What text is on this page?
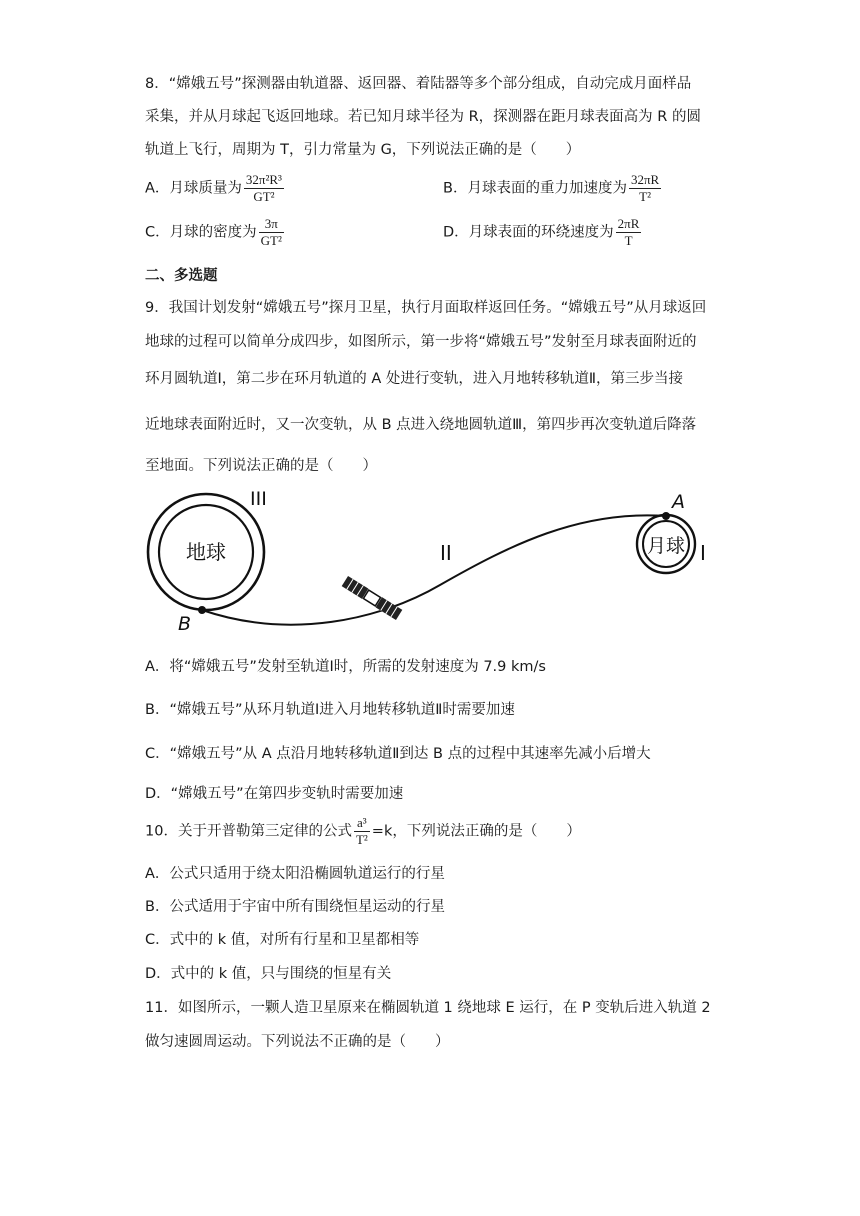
8．“嫦娥五号”探测器由轨道器、返回器、着陆器等多个部分组成，自动完成月面样品
采集，并从月球起飞返回地球。若已知月球半径为 R，探测器在距月球表面高为 R 的圆
轨道上飞行，周期为 T，引力常量为 G，下列说法正确的是（　　）
A．月球质量为 $\frac{\text{32π²R³}}{\text{GT²}}$	B．月球表面的重力加速度为 $\frac{32\pi R}{\text{T²}}$
C．月球的密度为 $\frac{3\pi}{\text{GT²}}$	D．月球表面的环绕速度为 $\frac{2\pi R}{T}$
二、多选题
9．我国计划发射“嫦娥五号”探月卫星，执行月面取样返回任务。“嫦娥五号”从月球返回
地球的过程可以简单分成四步，如图所示，第一步将“嫦娥五号”发射至月球表面附近的
环月圆轨道Ⅰ，第二步在环月轨道的 A 处进行变轨，进入月地转移轨道Ⅱ，第三步当接
近地球表面附近时，又一次变轨，从 B 点进入绕地圆轨道Ⅲ，第四步再次变轨道后降落
至地面。下列说法正确的是（　　）
地球
III
月球 I
II
A
B
A．将“嫦娥五号”发射至轨道Ⅰ时，所需的发射速度为 7.9 km/s
B．“嫦娥五号”从环月轨道Ⅰ进入月地转移轨道Ⅱ时需要加速
C．“嫦娥五号”从 A 点沿月地转移轨道Ⅱ到达 B 点的过程中其速率先减小后增大
D．“嫦娥五号”在第四步变轨时需要加速
10．关于开普勒第三定律的公式 $\frac{\text{a³}}{\text{T²}} =k$，下列说法正确的是（　　）
A．公式只适用于绕太阳沿椭圆轨道运行的行星
B．公式适用于宇宙中所有围绕恒星运动的行星
C．式中的 k 值，对所有行星和卫星都相等
D．式中的 k 值，只与围绕的恒星有关
11．如图所示，一颗人造卫星原来在椭圆轨道 1 绕地球 E 运行，在 P 变轨后进入轨道 2
做匀速圆周运动。下列说法不正确的是（　　）
